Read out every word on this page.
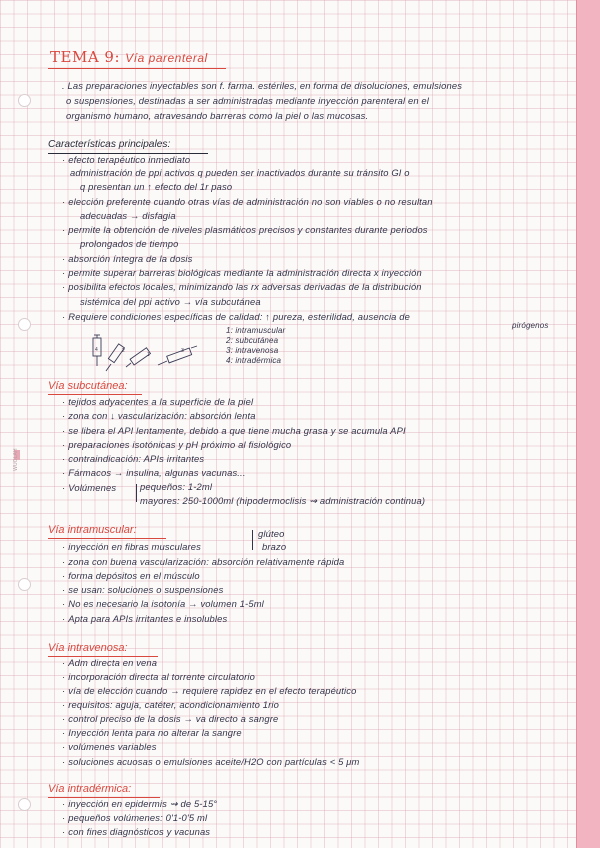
WUOLAH
TEMA 9: Vía parenteral
. Las preparaciones inyectables son f. farma. estériles, en forma de disoluciones, emulsiones
o suspensiones, destinadas a ser administradas mediante inyección parenteral en el
organismo humano, atravesando barreras como la piel o las mucosas.
Características principales:
· efecto terapéutico inmediato
administración de ppi activos q pueden ser inactivados durante su tránsito GI o
q presentan un ↑ efecto del 1r paso
· elección preferente cuando otras vías de administración no son viables o no resultan
adecuadas → disfagia
· permite la obtención de niveles plasmáticos precisos y constantes durante periodos
prolongados de tiempo
· absorción íntegra de la dosis
· permite superar barreras biológicas mediante la administración directa x inyección
· posibilita efectos locales, minimizando las rx adversas derivadas de la distribución
sistémica del ppi activo → vía subcutánea
· Requiere condiciones específicas de calidad: ↑ pureza, esterilidad, ausencia de
pirógenos
4	2
1
3
1: intramuscular
2: subcutánea
3: intravenosa
4: intradérmica
Vía subcutánea:
· tejidos adyacentes a la superficie de la piel
· zona con ↓ vascularización: absorción lenta
· se libera el API lentamente, debido a que tiene mucha grasa y se acumula API
· preparaciones isotónicas y pH próximo al fisiológico
· contraindicación: APIs irritantes
· Fármacos → insulina, algunas vacunas...
· Volúmenes	pequeños: 1-2ml
mayores: 250-1000ml (hipodermoclisis ⇝ administración continua)
Vía intramuscular:
· inyección en fibras musculares
glúteo
brazo
· zona con buena vascularización: absorción relativamente rápida
· forma depósitos en el músculo
· se usan: soluciones o suspensiones
· No es necesario la isotonía → volumen 1-5ml
· Apta para APIs irritantes e insolubles
Vía intravenosa:
· Adm directa en vena
· incorporación directa al torrente circulatorio
· vía de elección cuando → requiere rapidez en el efecto terapéutico
· requisitos: aguja, catéter, acondicionamiento 1rio
· control preciso de la dosis → va directo a sangre
· Inyección lenta para no alterar la sangre
· volúmenes variables
· soluciones acuosas o emulsiones aceite/H2O con partículas < 5 μm
Vía intradérmica:
· inyección en epidermis ⇝ de 5-15°
· pequeños volúmenes: 0'1-0'5 ml
· con fines diagnósticos y vacunas
